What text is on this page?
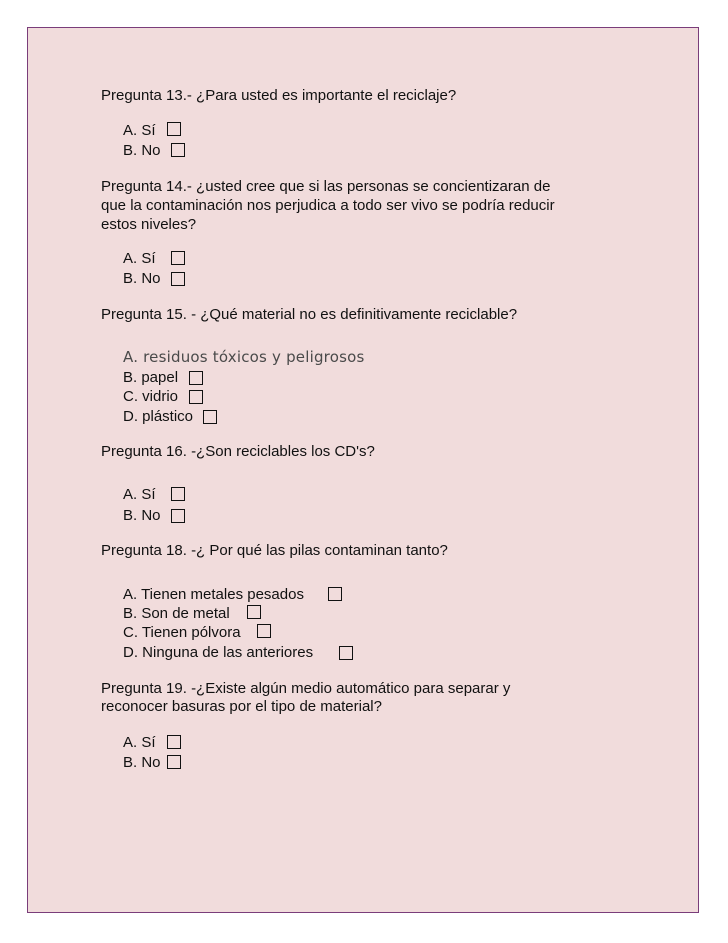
Pregunta 13.- ¿Para usted es importante el reciclaje?
A. Sí
B. No
Pregunta 14.- ¿usted cree que si las personas se concientizaran de
que la contaminación nos perjudica a todo ser vivo se podría reducir
estos niveles?
A. Sí
B. No
Pregunta 15. - ¿Qué material no es definitivamente reciclable?
A. residuos tóxicos y peligrosos
B. papel
C. vidrio
D. plástico
Pregunta 16. -¿Son reciclables los CD's?
A. Sí
B. No
Pregunta 18. -¿ Por qué las pilas contaminan tanto?
A. Tienen metales pesados
B. Son de metal
C. Tienen pólvora
D. Ninguna de las anteriores
Pregunta 19. -¿Existe algún medio automático para separar y
reconocer basuras por el tipo de material?
A. Sí
B. No
